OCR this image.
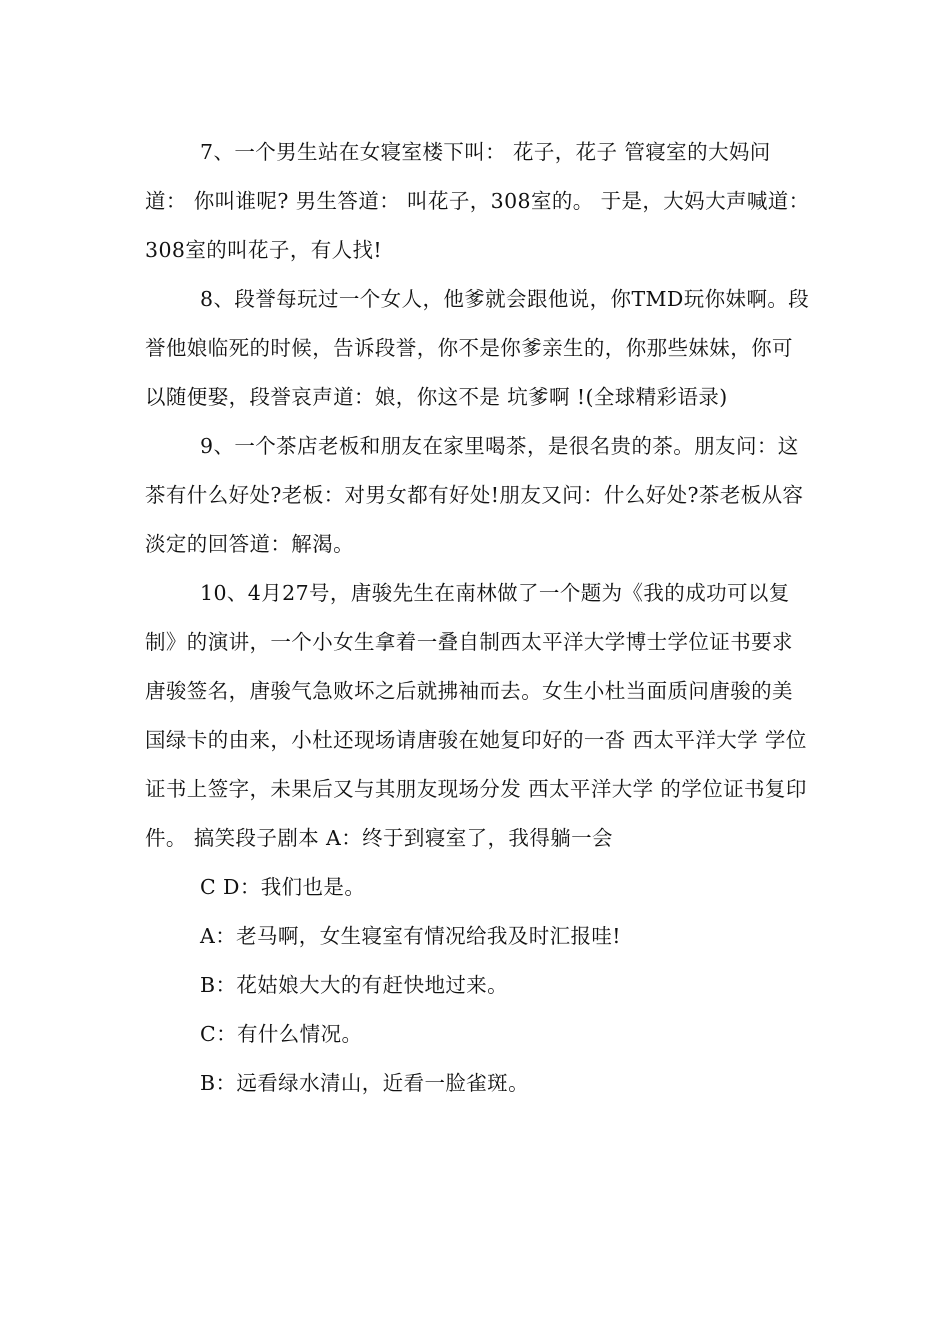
7、一个男生站在女寝室楼下叫： 花子，花子 管寝室的大妈问道： 你叫谁呢? 男生答道： 叫花子，308室的。 于是，大妈大声喊道： 308室的叫花子，有人找!

8、段誉每玩过一个女人，他爹就会跟他说，你TMD玩你妹啊。段誉他娘临死的时候，告诉段誉，你不是你爹亲生的，你那些妹妹，你可以随便娶，段誉哀声道：娘，你这不是 坑爹啊 !(全球精彩语录)

9、一个茶店老板和朋友在家里喝茶，是很名贵的茶。朋友问：这茶有什么好处?老板：对男女都有好处!朋友又问：什么好处?茶老板从容淡定的回答道：解渴。

10、4月27号，唐骏先生在南林做了一个题为《我的成功可以复制》的演讲，一个小女生拿着一叠自制西太平洋大学博士学位证书要求唐骏签名，唐骏气急败坏之后就拂袖而去。女生小杜当面质问唐骏的美国绿卡的由来，小杜还现场请唐骏在她复印好的一沓 西太平洋大学 学位证书上签字，未果后又与其朋友现场分发 西太平洋大学 的学位证书复印件。 搞笑段子剧本 A：终于到寝室了，我得躺一会

C D：我们也是。

A：老马啊，女生寝室有情况给我及时汇报哇!

B：花姑娘大大的有赶快地过来。

C：有什么情况。

B：远看绿水清山，近看一脸雀斑。
